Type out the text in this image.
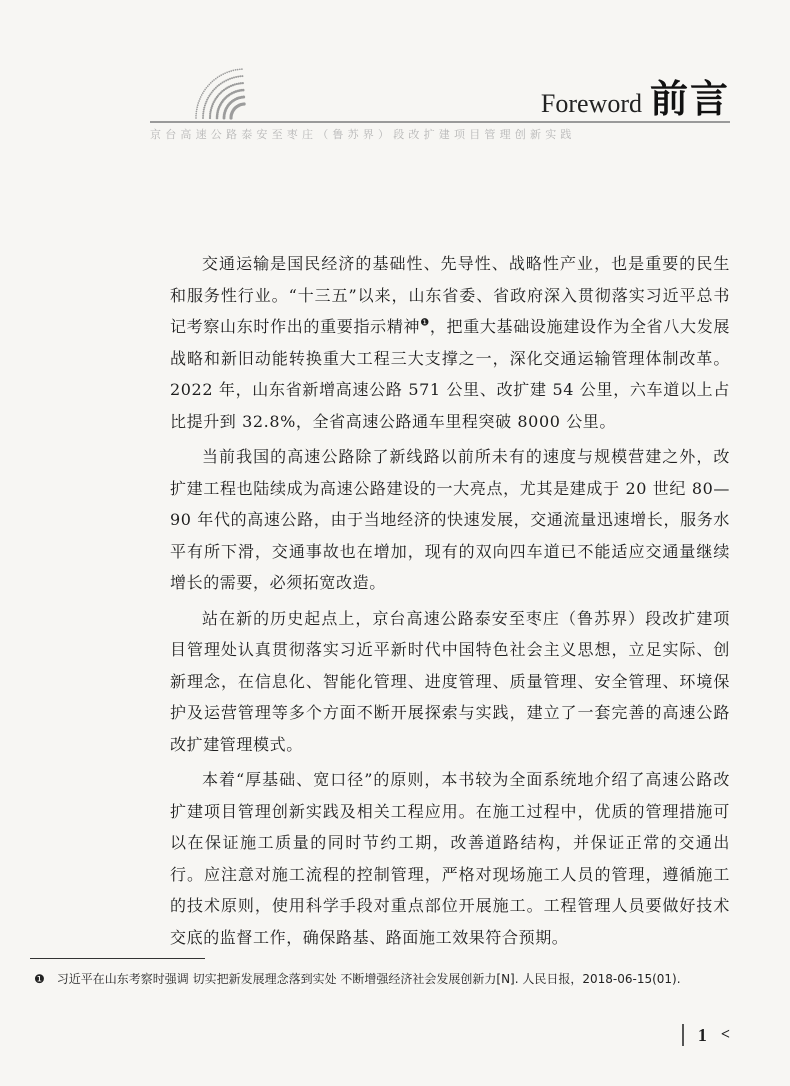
Foreword 前言
京台高速公路泰安至枣庄（鲁苏界）段改扩建项目管理创新实践

交通运输是国民经济的基础性、先导性、战略性产业，也是重要的民生和服务性行业。“十三五”以来，山东省委、省政府深入贯彻落实习近平总书记考察山东时作出的重要指示精神$^❶$，把重大基础设施建设作为全省八大发展战略和新旧动能转换重大工程三大支撑之一，深化交通运输管理体制改革。2022 年，山东省新增高速公路 571 公里、改扩建 54 公里，六车道以上占比提升到 32.8%，全省高速公路通车里程突破 8000 公里。

当前我国的高速公路除了新线路以前所未有的速度与规模营建之外，改扩建工程也陆续成为高速公路建设的一大亮点，尤其是建成于 20 世纪 80—90 年代的高速公路，由于当地经济的快速发展，交通流量迅速增长，服务水平有所下滑，交通事故也在增加，现有的双向四车道已不能适应交通量继续增长的需要，必须拓宽改造。

站在新的历史起点上，京台高速公路泰安至枣庄（鲁苏界）段改扩建项目管理处认真贯彻落实习近平新时代中国特色社会主义思想，立足实际、创新理念，在信息化、智能化管理、进度管理、质量管理、安全管理、环境保护及运营管理等多个方面不断开展探索与实践，建立了一套完善的高速公路改扩建管理模式。

本着“厚基础、宽口径”的原则，本书较为全面系统地介绍了高速公路改扩建项目管理创新实践及相关工程应用。在施工过程中，优质的管理措施可以在保证施工质量的同时节约工期，改善道路结构，并保证正常的交通出行。应注意对施工流程的控制管理，严格对现场施工人员的管理，遵循施工的技术原则，使用科学手段对重点部位开展施工。工程管理人员要做好技术交底的监督工作，确保路基、路面施工效果符合预期。

❶ 习近平在山东考察时强调 切实把新发展理念落到实处 不断增强经济社会发展创新力[N]. 人民日报，2018-06-15(01).
1 <
